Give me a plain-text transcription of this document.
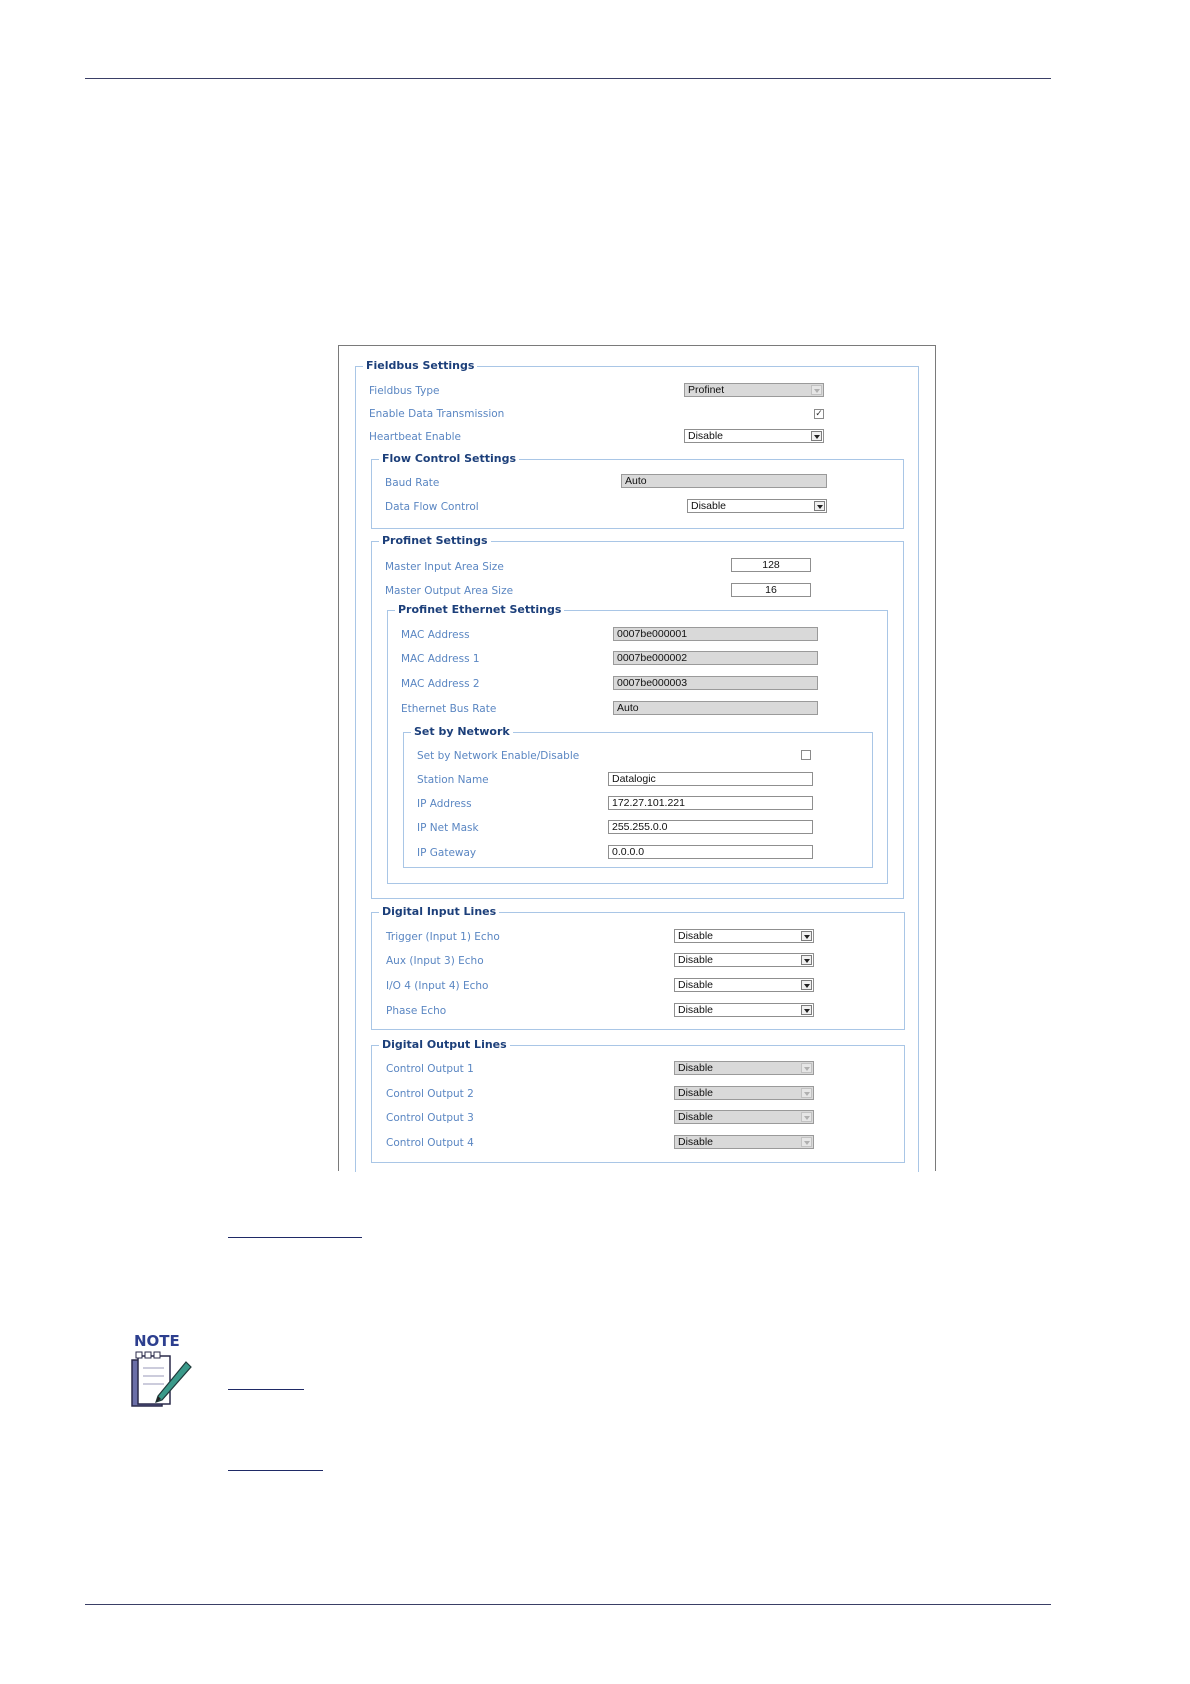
Fieldbus Settings
Fieldbus Type	Profinet
Enable Data Transmission	✓
Heartbeat Enable	Disable
Flow Control Settings
Baud Rate	Auto
Data Flow Control	Disable
Profinet Settings
Master Input Area Size	128
Master Output Area Size	16
Profinet Ethernet Settings
MAC Address	0007be000001
MAC Address 1	0007be000002
MAC Address 2	0007be000003
Ethernet Bus Rate	Auto
Set by Network
Set by Network Enable/Disable
Station Name	Datalogic
IP Address	172.27.101.221
IP Net Mask	255.255.0.0
IP Gateway	0.0.0.0
Digital Input Lines
Trigger (Input 1) Echo	Disable
Aux (Input 3) Echo	Disable
I/O 4 (Input 4) Echo	Disable
Phase Echo	Disable
Digital Output Lines
Control Output 1	Disable
Control Output 2	Disable
Control Output 3	Disable
Control Output 4	Disable
NOTE
